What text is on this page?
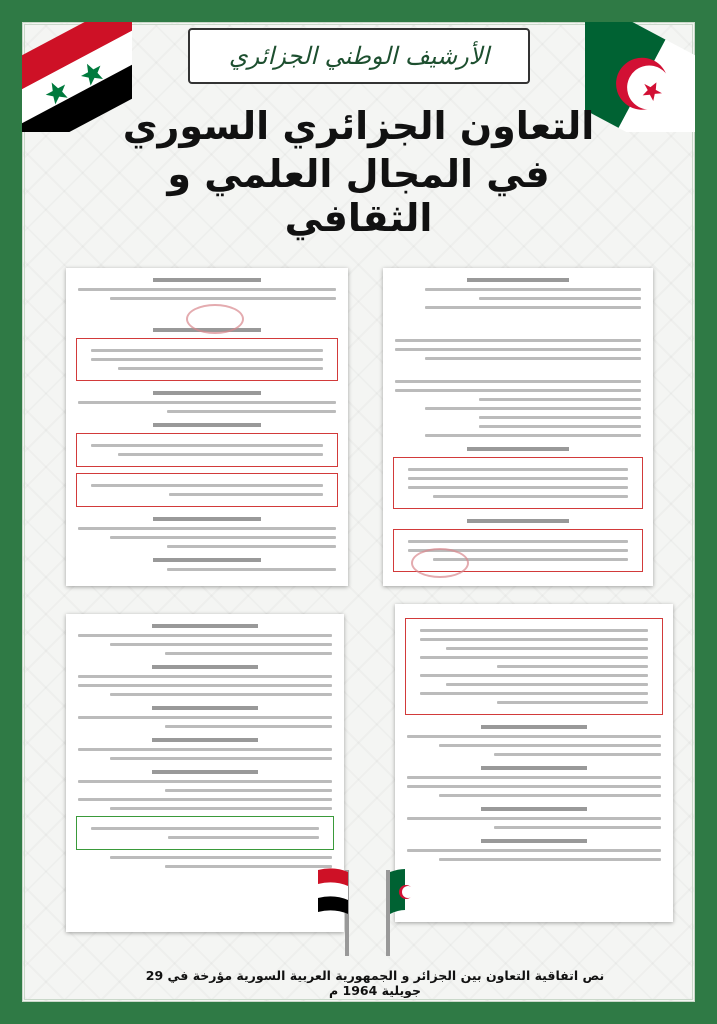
الأرشيف الوطني الجزائري
التعاون الجزائري السوري
في المجال العلمي و الثقافي
نص اتفاقية التعاون بين الجزائر و الجمهورية العربية السورية مؤرخة في 29 جويلية 1964 م
